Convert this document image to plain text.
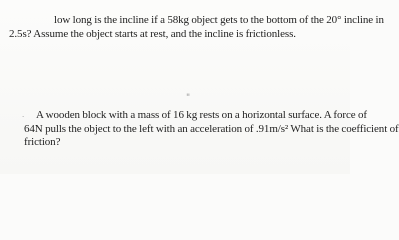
low long is the incline if a 58kg object gets to the bottom of the 20° incline in
2.5s? Assume the object starts at rest, and the incline is frictionless.

"
·	A wooden block with a mass of 16 kg rests on a horizontal surface. A force of
64N pulls the object to the left with an acceleration of .91m/s² What is the coefficient of
friction?
